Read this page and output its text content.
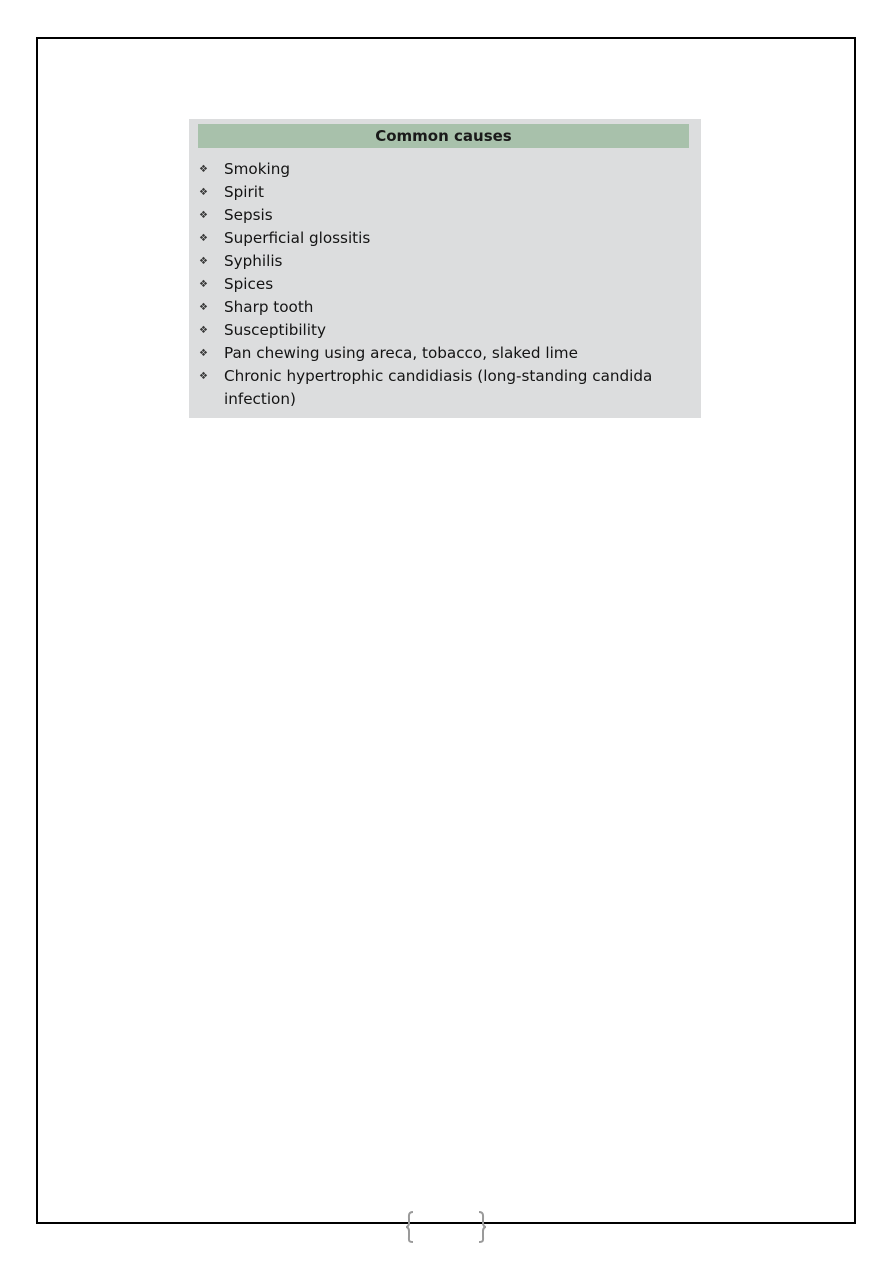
Common causes
❖ Smoking
❖ Spirit
❖ Sepsis
❖ Superficial glossitis
❖ Syphilis
❖ Spices
❖ Sharp tooth
❖ Susceptibility
❖ Pan chewing using areca, tobacco, slaked lime
❖ Chronic hypertrophic candidiasis (long-standing candida infection)
